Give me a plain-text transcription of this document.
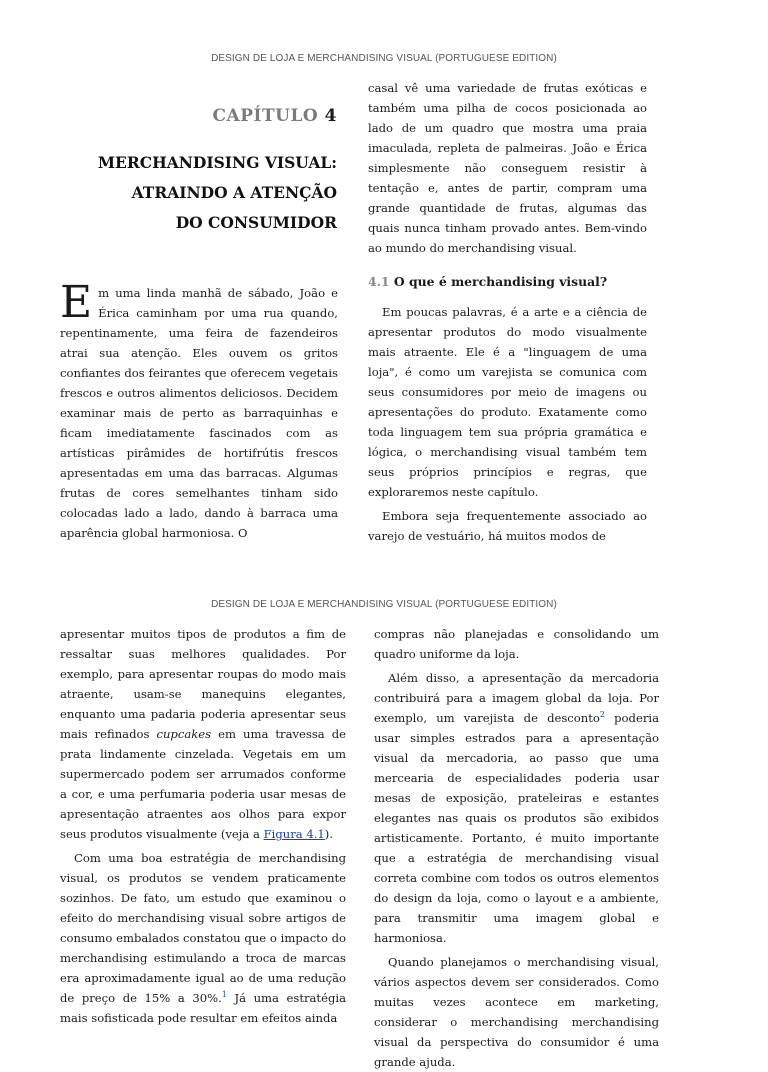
DESIGN DE LOJA E MERCHANDISING VISUAL (PORTUGUESE EDITION)
CAPÍTULO 4
MERCHANDISING VISUAL:
ATRAINDO A ATENÇÃO
DO CONSUMIDOR

Em uma linda manhã de sábado, João e Érica caminham por uma rua quando, repentinamente, uma feira de fazendeiros atrai sua atenção. Eles ouvem os gritos confiantes dos feirantes que oferecem vegetais frescos e outros alimentos deliciosos. Decidem examinar mais de perto as barraquinhas e ficam imediatamente fascinados com as artísticas pirâmides de hortifrútis frescos apresentadas em uma das barracas. Algumas frutas de cores semelhantes tinham sido colocadas lado a lado, dando à barraca uma aparência global harmoniosa. O

casal vê uma variedade de frutas exóticas e também uma pilha de cocos posicionada ao lado de um quadro que mostra uma praia imaculada, repleta de palmeiras. João e Érica simplesmente não conseguem resistir à tentação e, antes de partir, compram uma grande quantidade de frutas, algumas das quais nunca tinham provado antes. Bem-vindo ao mundo do merchandising visual.

4.1 O que é merchandising visual?

Em poucas palavras, é a arte e a ciência de apresentar produtos do modo visualmente mais atraente. Ele é a "linguagem de uma loja", é como um varejista se comunica com seus consumidores por meio de imagens ou apresentações do produto. Exatamente como toda linguagem tem sua própria gramática e lógica, o merchandising visual também tem seus próprios princípios e regras, que exploraremos neste capítulo.

Embora seja frequentemente associado ao varejo de vestuário, há muitos modos de

DESIGN DE LOJA E MERCHANDISING VISUAL (PORTUGUESE EDITION)

apresentar muitos tipos de produtos a fim de ressaltar suas melhores qualidades. Por exemplo, para apresentar roupas do modo mais atraente, usam-se manequins elegantes, enquanto uma padaria poderia apresentar seus mais refinados cupcakes em uma travessa de prata lindamente cinzelada. Vegetais em um supermercado podem ser arrumados conforme a cor, e uma perfumaria poderia usar mesas de apresentação atraentes aos olhos para expor seus produtos visualmente (veja a Figura 4.1).

Com uma boa estratégia de merchandising visual, os produtos se vendem praticamente sozinhos. De fato, um estudo que examinou o efeito do merchandising visual sobre artigos de consumo embalados constatou que o impacto do merchandising estimulando a troca de marcas era aproximadamente igual ao de uma redução de preço de 15% a 30%.$^1$ Já uma estratégia mais sofisticada pode resultar em efeitos ainda

compras não planejadas e consolidando um quadro uniforme da loja.

Além disso, a apresentação da mercadoria contribuirá para a imagem global da loja. Por exemplo, um varejista de desconto$^2$ poderia usar simples estrados para a apresentação visual da mercadoria, ao passo que uma mercearia de especialidades poderia usar mesas de exposição, prateleiras e estantes elegantes nas quais os produtos são exibidos artisticamente. Portanto, é muito importante que a estratégia de merchandising visual correta combine com todos os outros elementos do design da loja, como o layout e a ambiente, para transmitir uma imagem global e harmoniosa.

Quando planejamos o merchandising visual, vários aspectos devem ser considerados. Como muitas vezes acontece em marketing, considerar o merchandising merchandising visual da perspectiva do consumidor é uma grande ajuda.
